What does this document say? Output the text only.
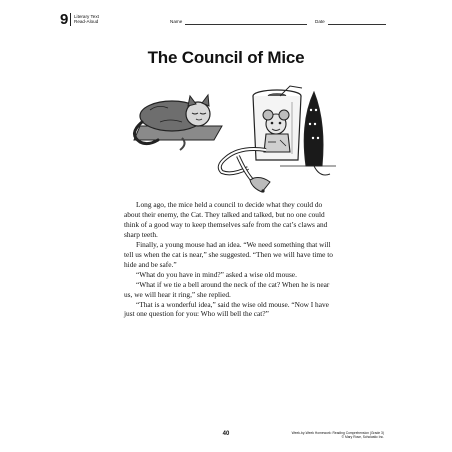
9 Literary Text
Read-Aloud	Name	Date
The Council of Mice

Long ago, the mice held a council to decide what they could do about their enemy, the Cat. They talked and talked, but no one could think of a good way to keep themselves safe from the cat’s claws and sharp teeth.

Finally, a young mouse had an idea. “We need something that will tell us when the cat is near,” she suggested. “Then we will have time to hide and be safe.”

“What do you have in mind?” asked a wise old mouse.

“What if we tie a bell around the neck of the cat? When he is near us, we will hear it ring,” she replied.

“That is a wonderful idea,” said the wise old mouse. “Now I have just one question for you: Who will bell the cat?”

40	Week-by-Week Homework: Reading Comprehension (Grade 3)
© Mary Rose, Scholastic Inc.
